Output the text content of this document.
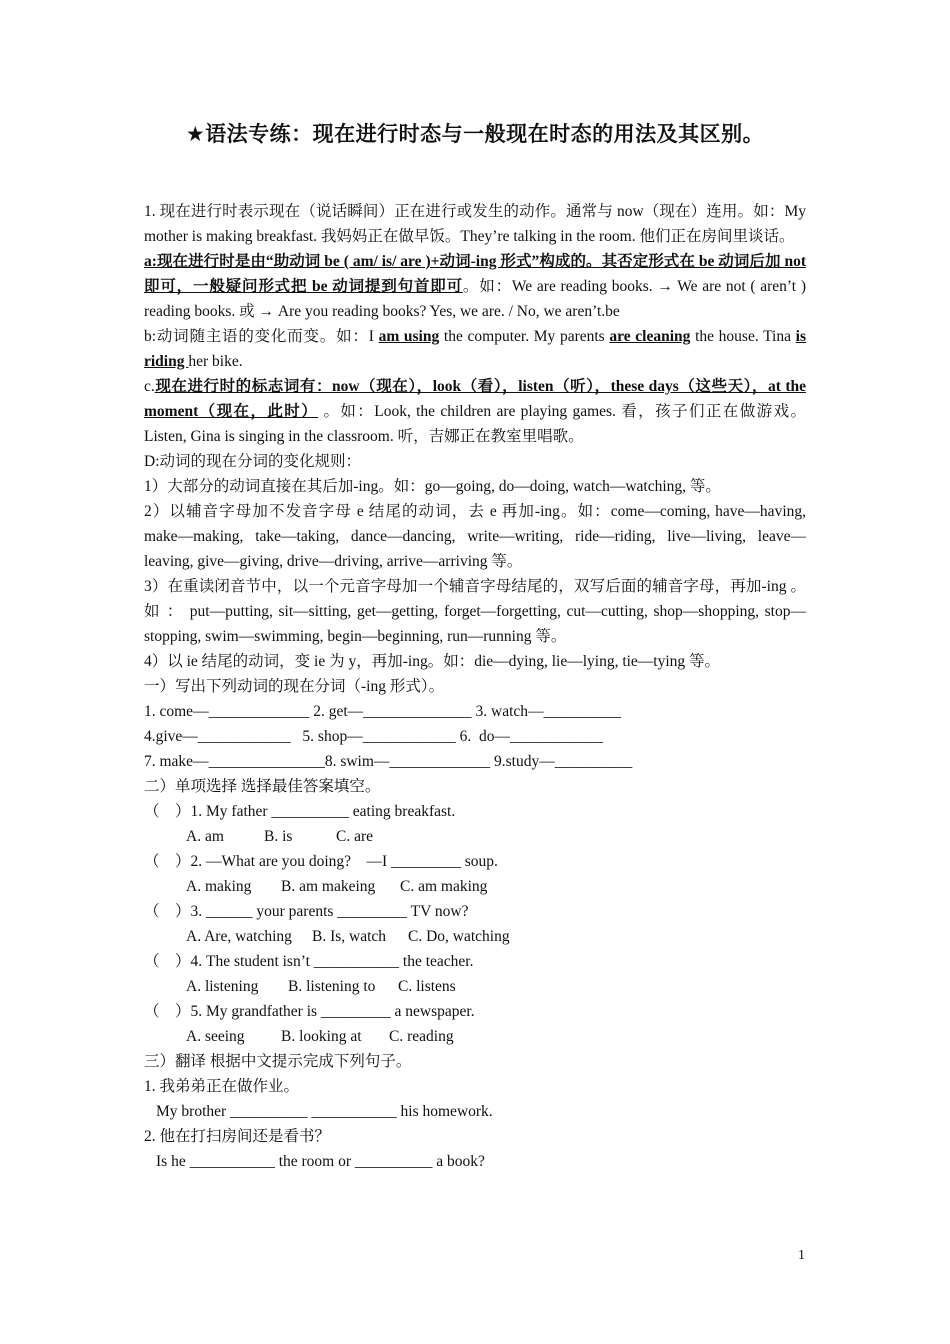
★语法专练：现在进行时态与一般现在时态的用法及其区别。

1. 现在进行时表示现在（说话瞬间）正在进行或发生的动作。通常与 now（现在）连用。如：My mother is making breakfast. 我妈妈正在做早饭。They’re talking in the room. 他们正在房间里谈话。

a:现在进行时是由“助动词 be ( am/ is/ are )+动词-ing 形式”构成的。其否定形式在 be 动词后加 not 即可，一般疑问形式把 be 动词提到句首即可。如：We are reading books. → We are not ( aren’t ) reading books. 或 → Are you reading books? Yes, we are. / No, we aren’t.be

b:动词随主语的变化而变。如：I am using the computer. My parents are cleaning the house. Tina is riding her bike.

c.现在进行时的标志词有：now（现在），look（看），listen（听），these days（这些天），at the moment（现在，此时） 。如：Look, the children are playing games. 看，孩子们正在做游戏。Listen, Gina is singing in the classroom. 听，吉娜正在教室里唱歌。

D:动词的现在分词的变化规则：

1）大部分的动词直接在其后加-ing。如：go—going, do—doing, watch—watching, 等。

2）以辅音字母加不发音字母 e 结尾的动词，去 e 再加-ing。如：come—coming, have—having, make—making, take—taking, dance—dancing, write—writing, ride—riding, live—living, leave—leaving, give—giving, drive—driving, arrive—arriving 等。

3）在重读闭音节中，以一个元音字母加一个辅音字母结尾的，双写后面的辅音字母，再加-ing 。 如 ： put—putting, sit—sitting, get—getting, forget—forgetting, cut—cutting, shop—shopping, stop—stopping, swim—swimming, begin—beginning, run—running 等。

4）以 ie 结尾的动词，变 ie 为 y，再加-ing。如：die—dying, lie—lying, tie—tying 等。

一）写出下列动词的现在分词（-ing 形式）。

1. come—_____________ 2. get—______________ 3. watch—__________

4.give—____________   5. shop—____________ 6.  do—____________

7. make—_______________8. swim—_____________ 9.study—__________

二）单项选择 选择最佳答案填空。

（　）1. My father __________ eating breakfast.

A. am	B. is	C. are

（　）2. —What are you doing?　—I _________ soup.

A. making B. am makeing C. am making

（　）3. ______ your parents _________ TV now?

A. Are, watching B. Is, watch C. Do, watching

（　）4. The student isn’t ___________ the teacher.

A. listening B. listening to C. listens

（　）5. My grandfather is _________ a newspaper.

A. seeing B. looking at C. reading

三）翻译 根据中文提示完成下列句子。

1. 我弟弟正在做作业。

My brother __________ ___________ his homework.

2. 他在打扫房间还是看书？

Is he ___________ the room or __________ a book?

1
